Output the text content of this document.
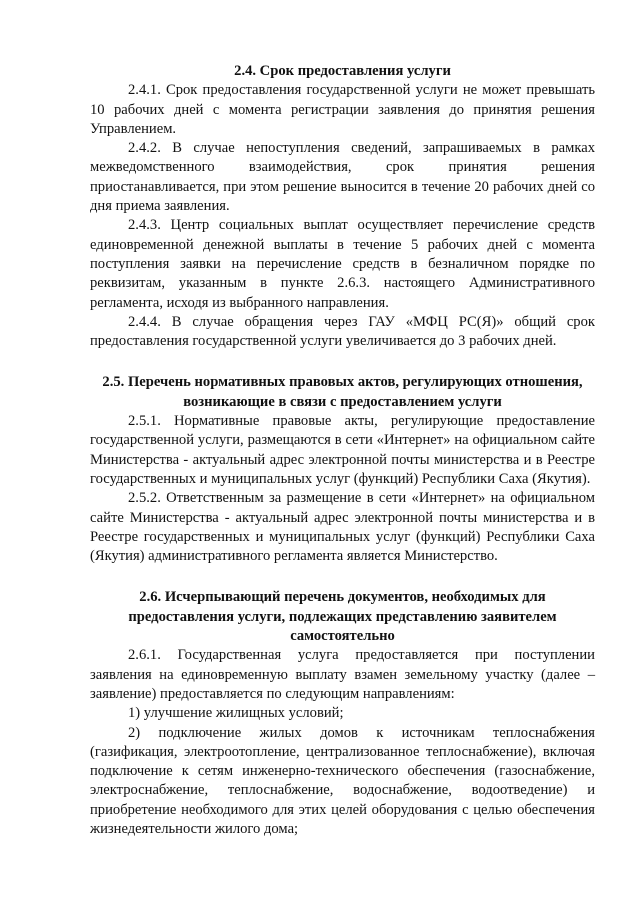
2.4. Срок предоставления услуги

2.4.1. Срок предоставления государственной услуги не может превышать 10 рабочих дней с момента регистрации заявления до принятия решения Управлением.

2.4.2. В случае непоступления сведений, запрашиваемых в рамках межведомственного взаимодействия, срок принятия решения приостанавливается, при этом решение выносится в течение 20 рабочих дней со дня приема заявления.

2.4.3. Центр социальных выплат осуществляет перечисление средств единовременной денежной выплаты в течение 5 рабочих дней с момента поступления заявки на перечисление средств в безналичном порядке по реквизитам, указанным в пункте 2.6.3. настоящего Административного регламента, исходя из выбранного направления.

2.4.4. В случае обращения через ГАУ «МФЦ РС(Я)» общий срок предоставления государственной услуги увеличивается до 3 рабочих дней.

2.5. Перечень нормативных правовых актов, регулирующих отношения, возникающие в связи с предоставлением услуги

2.5.1. Нормативные правовые акты, регулирующие предоставление государственной услуги, размещаются в сети «Интернет» на официальном сайте Министерства - актуальный адрес электронной почты министерства и в Реестре государственных и муниципальных услуг (функций) Республики Саха (Якутия).

2.5.2. Ответственным за размещение в сети «Интернет» на официальном сайте Министерства - актуальный адрес электронной почты министерства и в Реестре государственных и муниципальных услуг (функций) Республики Саха (Якутия) административного регламента является Министерство.

2.6. Исчерпывающий перечень документов, необходимых для предоставления услуги, подлежащих представлению заявителем самостоятельно

2.6.1. Государственная услуга предоставляется при поступлении заявления на единовременную выплату взамен земельному участку (далее – заявление) предоставляется по следующим направлениям:

1) улучшение жилищных условий;

2) подключение жилых домов к источникам теплоснабжения (газификация, электроотопление, централизованное теплоснабжение), включая подключение к сетям инженерно-технического обеспечения (газоснабжение, электроснабжение, теплоснабжение, водоснабжение, водоотведение) и приобретение необходимого для этих целей оборудования с целью обеспечения жизнедеятельности жилого дома;
